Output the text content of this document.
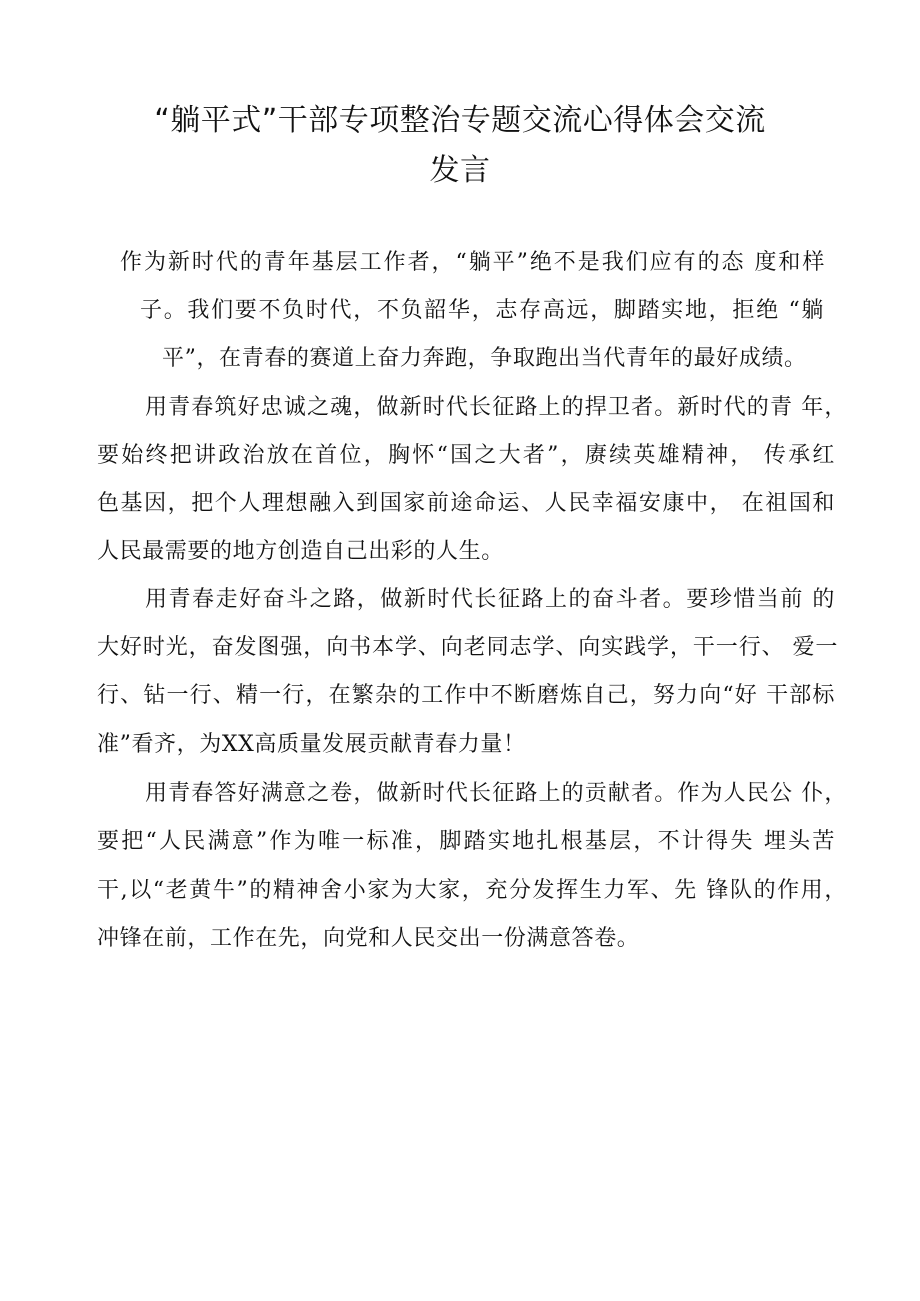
“躺平式”干部专项整治专题交流心得体会交流
发言
作为新时代的青年基层工作者，“躺平”绝不是我们应有的态 度和样
子。我们要不负时代，不负韶华，志存高远，脚踏实地，拒绝 “躺
平”，在青春的赛道上奋力奔跑，争取跑出当代青年的最好成绩。
用青春筑好忠诚之魂，做新时代长征路上的捍卫者。新时代的青 年，
要始终把讲政治放在首位，胸怀“国之大者”，赓续英雄精神， 传承红
色基因，把个人理想融入到国家前途命运、人民幸福安康中， 在祖国和
人民最需要的地方创造自己出彩的人生。
用青春走好奋斗之路，做新时代长征路上的奋斗者。要珍惜当前 的
大好时光，奋发图强，向书本学、向老同志学、向实践学，干一行、 爱一
行、钻一行、精一行，在繁杂的工作中不断磨炼自己，努力向“好 干部标
准”看齐，为XX高质量发展贡献青春力量！
用青春答好满意之卷，做新时代长征路上的贡献者。作为人民公 仆，
要把“人民满意”作为唯一标准，脚踏实地扎根基层，不计得失 埋头苦
干,以“老黄牛”的精神舍小家为大家，充分发挥生力军、先 锋队的作用，
冲锋在前，工作在先，向党和人民交出一份满意答卷。
